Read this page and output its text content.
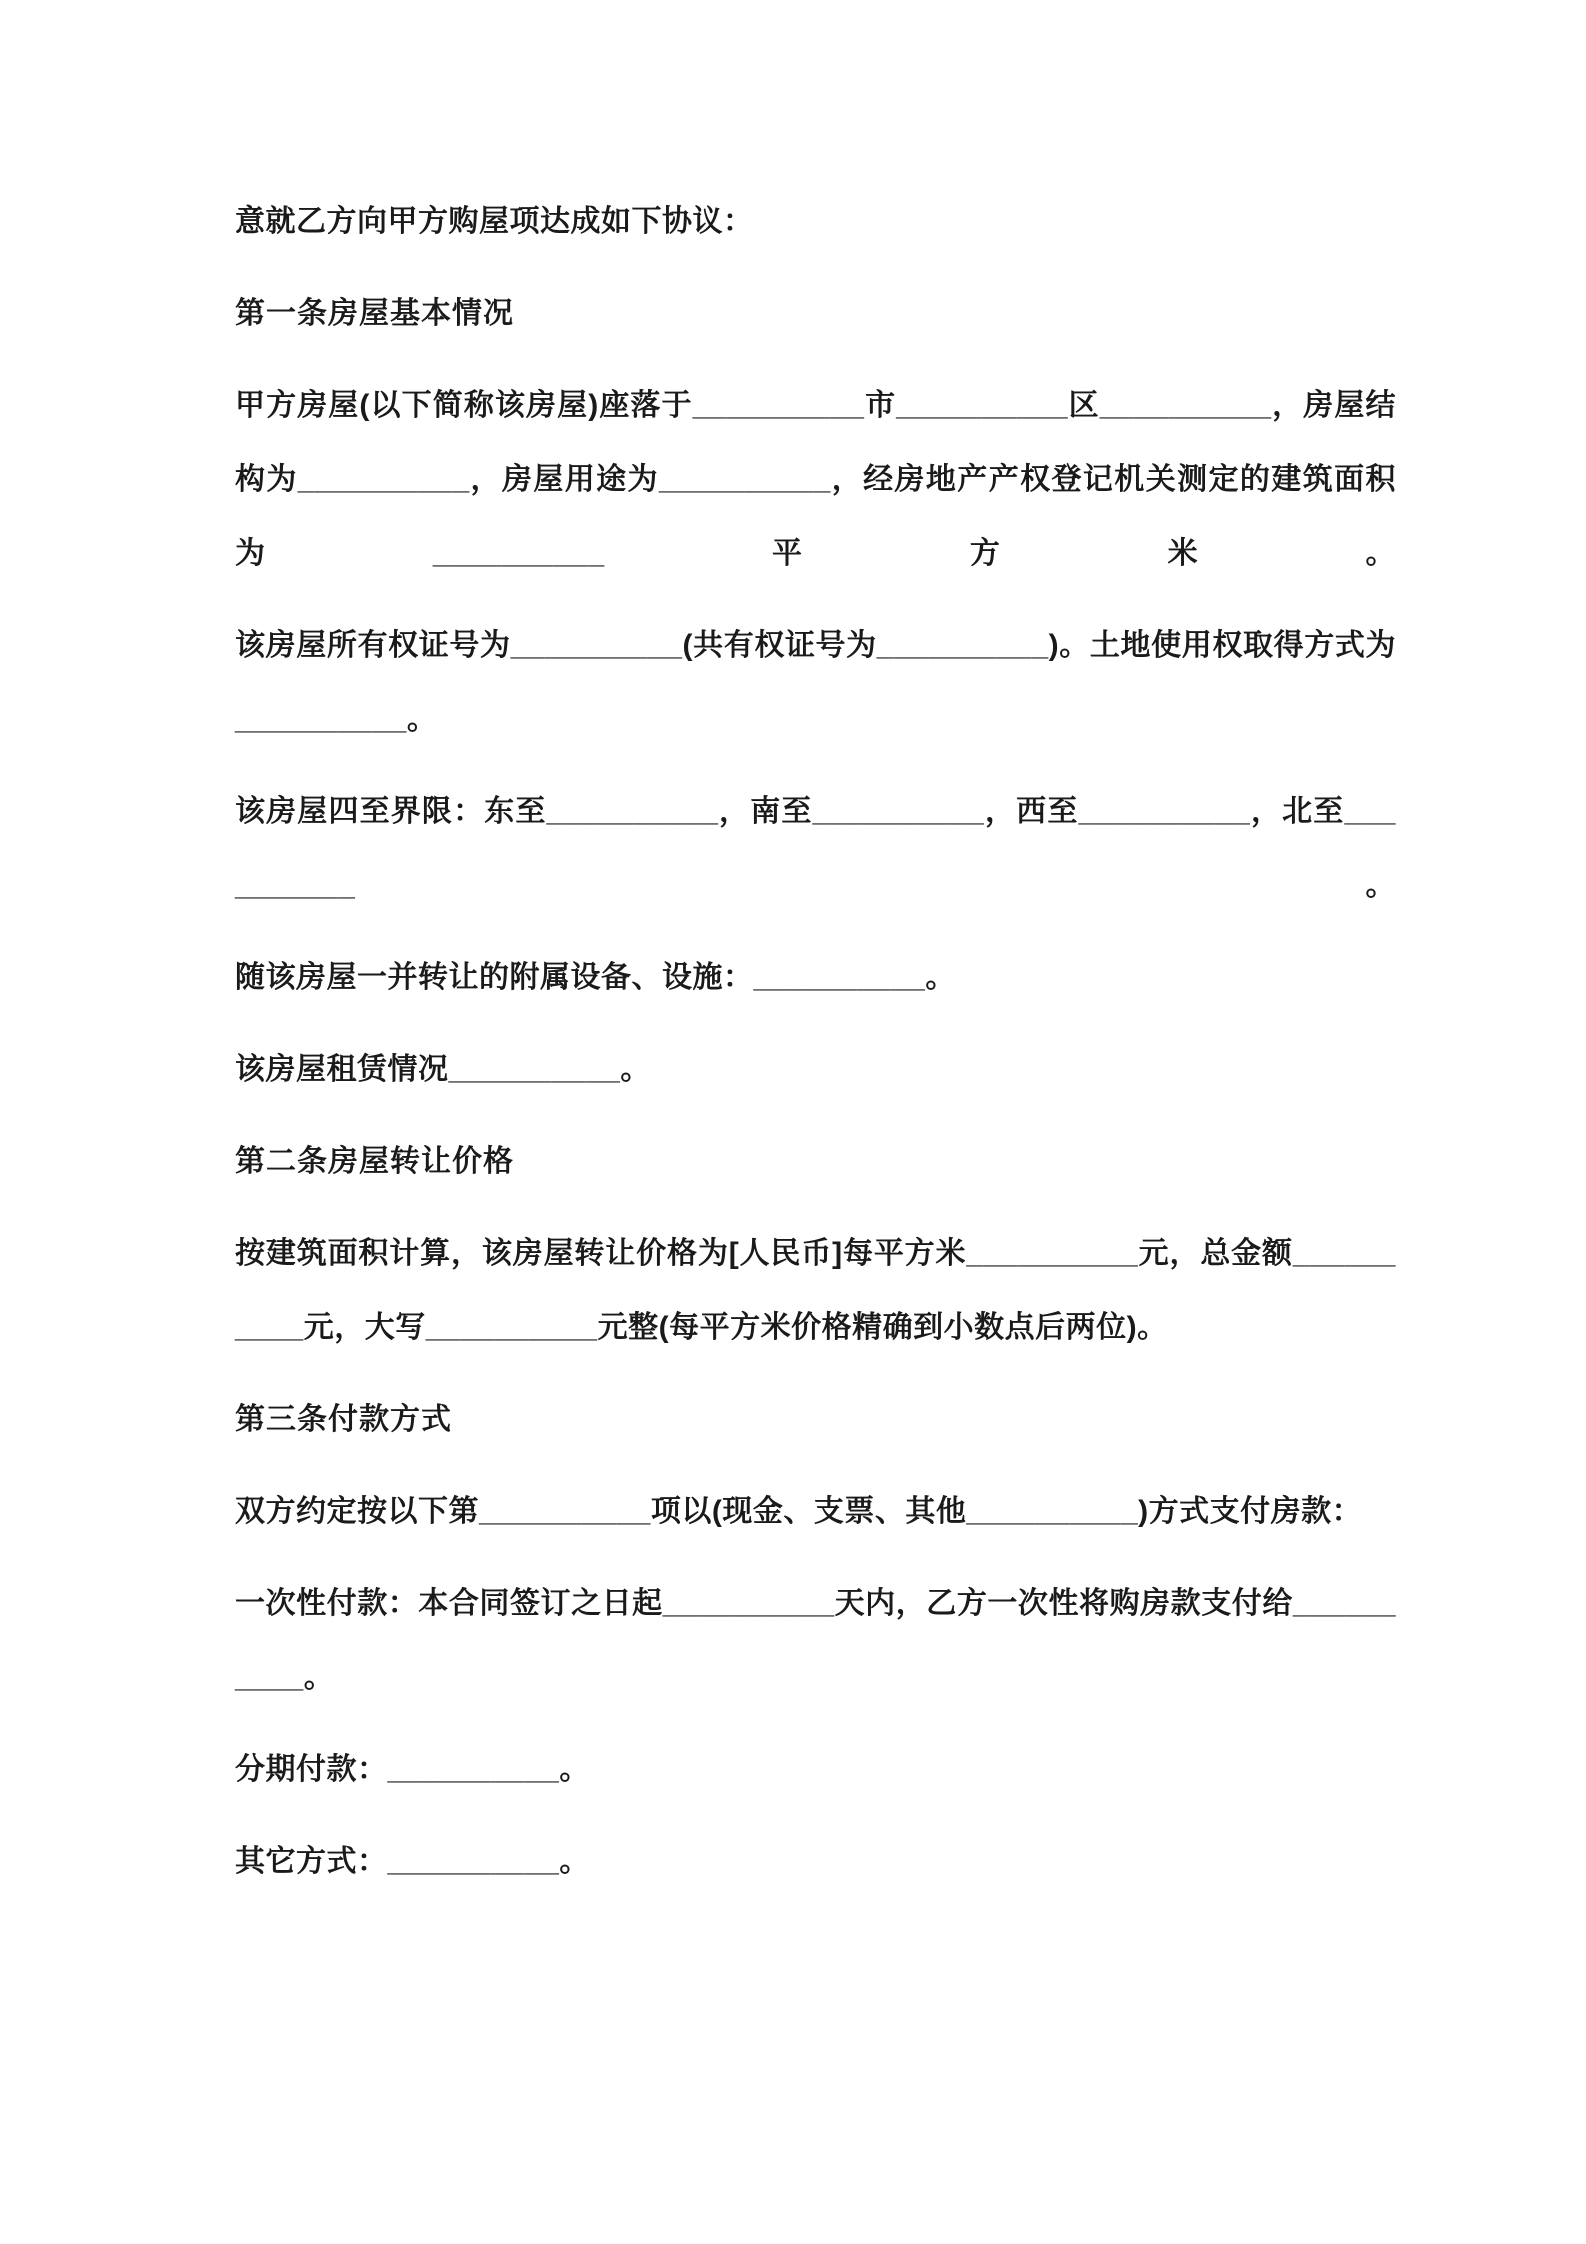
意就乙方向甲方购屋项达成如下协议：

第一条房屋基本情况

甲方房屋(以下简称该房屋)座落于__________市__________区__________，房屋结构为__________，房屋用途为__________，经房地产产权登记机关测定的建筑面积为__________平方米。

该房屋所有权证号为__________(共有权证号为__________)。土地使用权取得方式为__________。

该房屋四至界限：东至__________，南至__________，西至__________，北至__________。

随该房屋一并转让的附属设备、设施：__________。

该房屋租赁情况__________。

第二条房屋转让价格

按建筑面积计算，该房屋转让价格为[人民币]每平方米__________元，总金额__________元，大写__________元整(每平方米价格精确到小数点后两位)。

第三条付款方式

双方约定按以下第__________项以(现金、支票、其他__________)方式支付房款：

一次性付款：本合同签订之日起__________天内，乙方一次性将购房款支付给__________。

分期付款：__________。

其它方式：__________。
